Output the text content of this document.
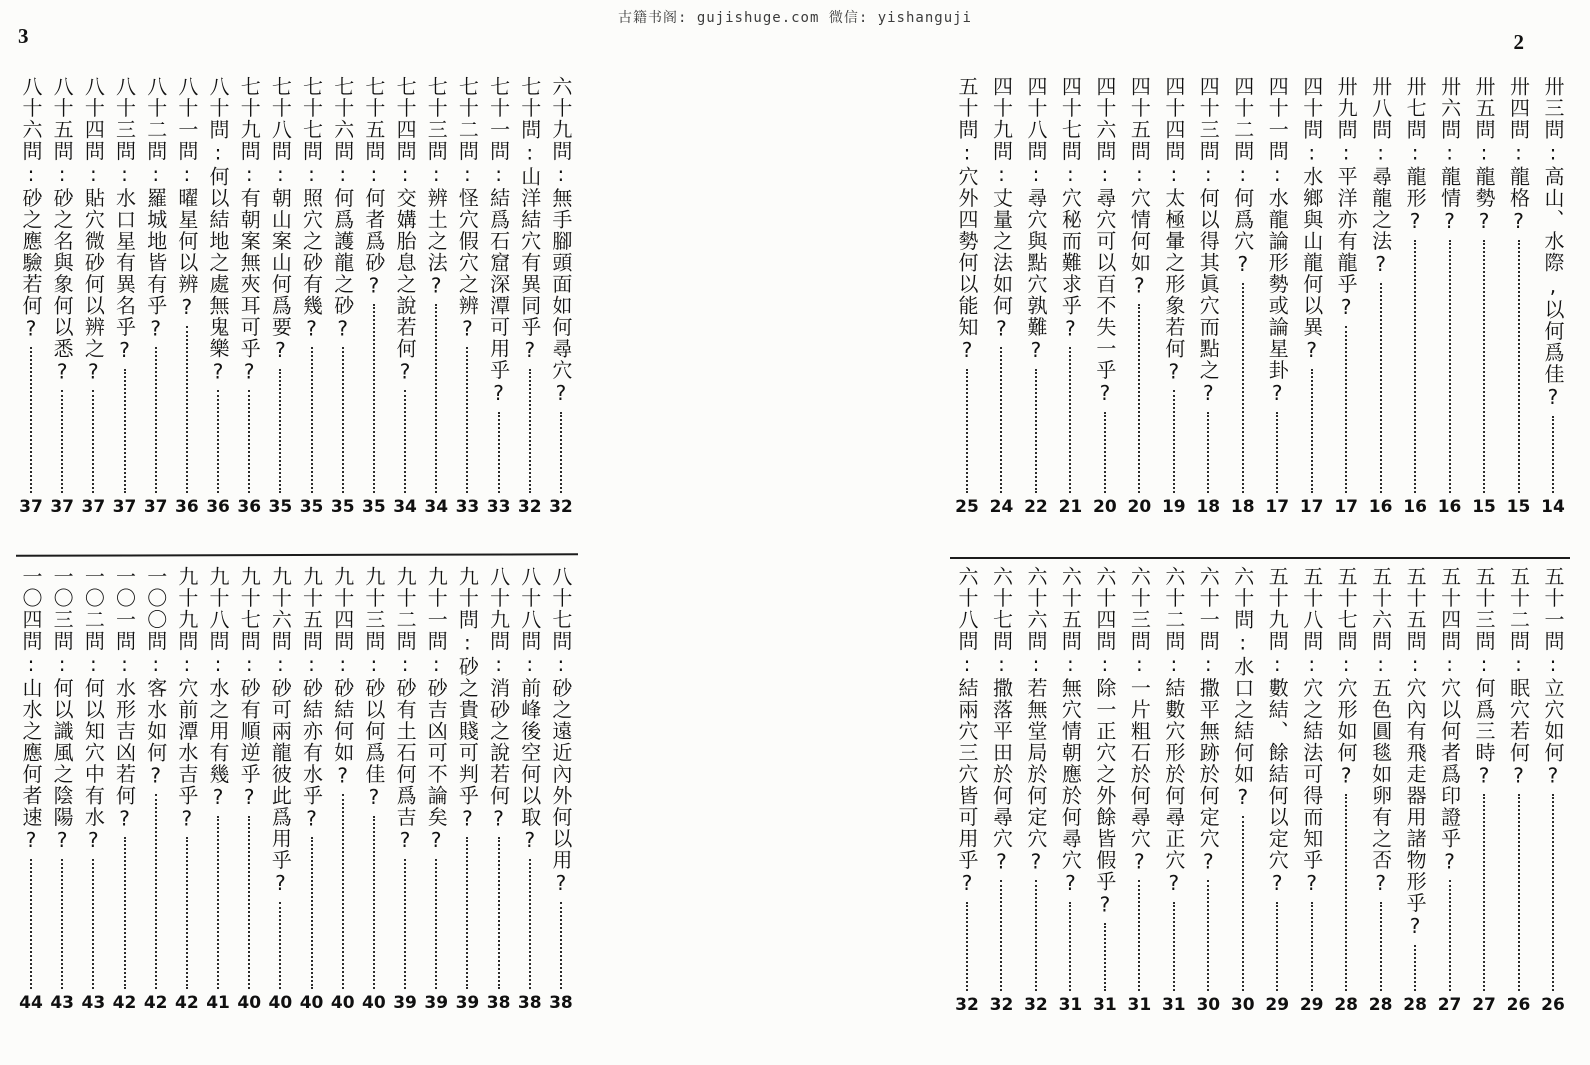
古籍书阁: gujishuge.com 微信: yishanguji
3	2
六十九問:無手腳頭面如何尋穴?
32
七十問:山洋結穴有異同乎?
32
七十一問:結爲石窟深潭可用乎?
33
七十二問:怪穴假穴之辨?
33
七十三問:辨土之法?
34
七十四問:交媾胎息之說若何?
34
七十五問:何者爲砂?
35
七十六問:何爲護龍之砂?
35
七十七問:照穴之砂有幾?
35
七十八問:朝山案山何爲要?
35
七十九問:有朝案無夾耳可乎?
36
八十問:何以結地之處無鬼樂?
36
八十一問:曜星何以辨?
36
八十二問:羅城地皆有乎?
37
八十三問:水口星有異名乎?
37
八十四問:貼穴微砂何以辨之?
37
八十五問:砂之名與象何以悉?
37
八十六問:砂之應驗若何?
37
八十七問:砂之遠近內外何以用?
38
八十八問:前峰後空何以取?
38
八十九問:消砂之說若何?
38
九十問:砂之貴賤可判乎?
39
九十一問:砂吉凶可不論矣?
39
九十二問:砂有土石何爲吉?
39
九十三問:砂以何爲佳?
40
九十四問:砂結何如?
40
九十五問:砂結亦有水乎?
40
九十六問:砂可兩龍彼此爲用乎?
40
九十七問:砂有順逆乎?
40
九十八問:水之用有幾?
41
九十九問:穴前潭水吉乎?
42
一〇〇問:客水如何?
42
一〇一問:水形吉凶若何?
42
一〇二問:何以知穴中有水?
43
一〇三問:何以識風之陰陽?
43
一〇四問:山水之應何者速?
44
卅三問:高山、水際,以何爲佳?
14
卅四問:龍格?
15
卅五問:龍勢?
15
卅六問:龍情?
16
卅七問:龍形?
16
卅八問:尋龍之法?
16
卅九問:平洋亦有龍乎?
17
四十問:水鄉與山龍何以異?
17
四十一問:水龍論形勢或論星卦?
17
四十二問:何爲穴?
18
四十三問:何以得其眞穴而點之?
18
四十四問:太極暈之形象若何?
19
四十五問:穴情何如?
20
四十六問:尋穴可以百不失一乎?
20
四十七問:穴秘而難求乎?
21
四十八問:尋穴與點穴孰難?
22
四十九問:丈量之法如何?
24
五十問:穴外四勢何以能知?
25
五十一問:立穴如何?
26
五十二問:眠穴若何?
26
五十三問:何爲三時?
27
五十四問:穴以何者爲印證乎?
27
五十五問:穴內有飛走器用諸物形乎?
28
五十六問:五色圓毯如卵有之否?
28
五十七問:穴形如何?
28
五十八問:穴之結法可得而知乎?
29
五十九問:數結、餘結何以定穴?
29
六十問:水口之結何如?
30
六十一問:撒平無跡於何定穴?
30
六十二問:結數穴形於何尋正穴?
31
六十三問:一片粗石於何尋穴?
31
六十四問:除一正穴之外餘皆假乎?
31
六十五問:無穴情朝應於何尋穴?
31
六十六問:若無堂局於何定穴?
32
六十七問:撒落平田於何尋穴?
32
六十八問:結兩穴三穴皆可用乎?
32
